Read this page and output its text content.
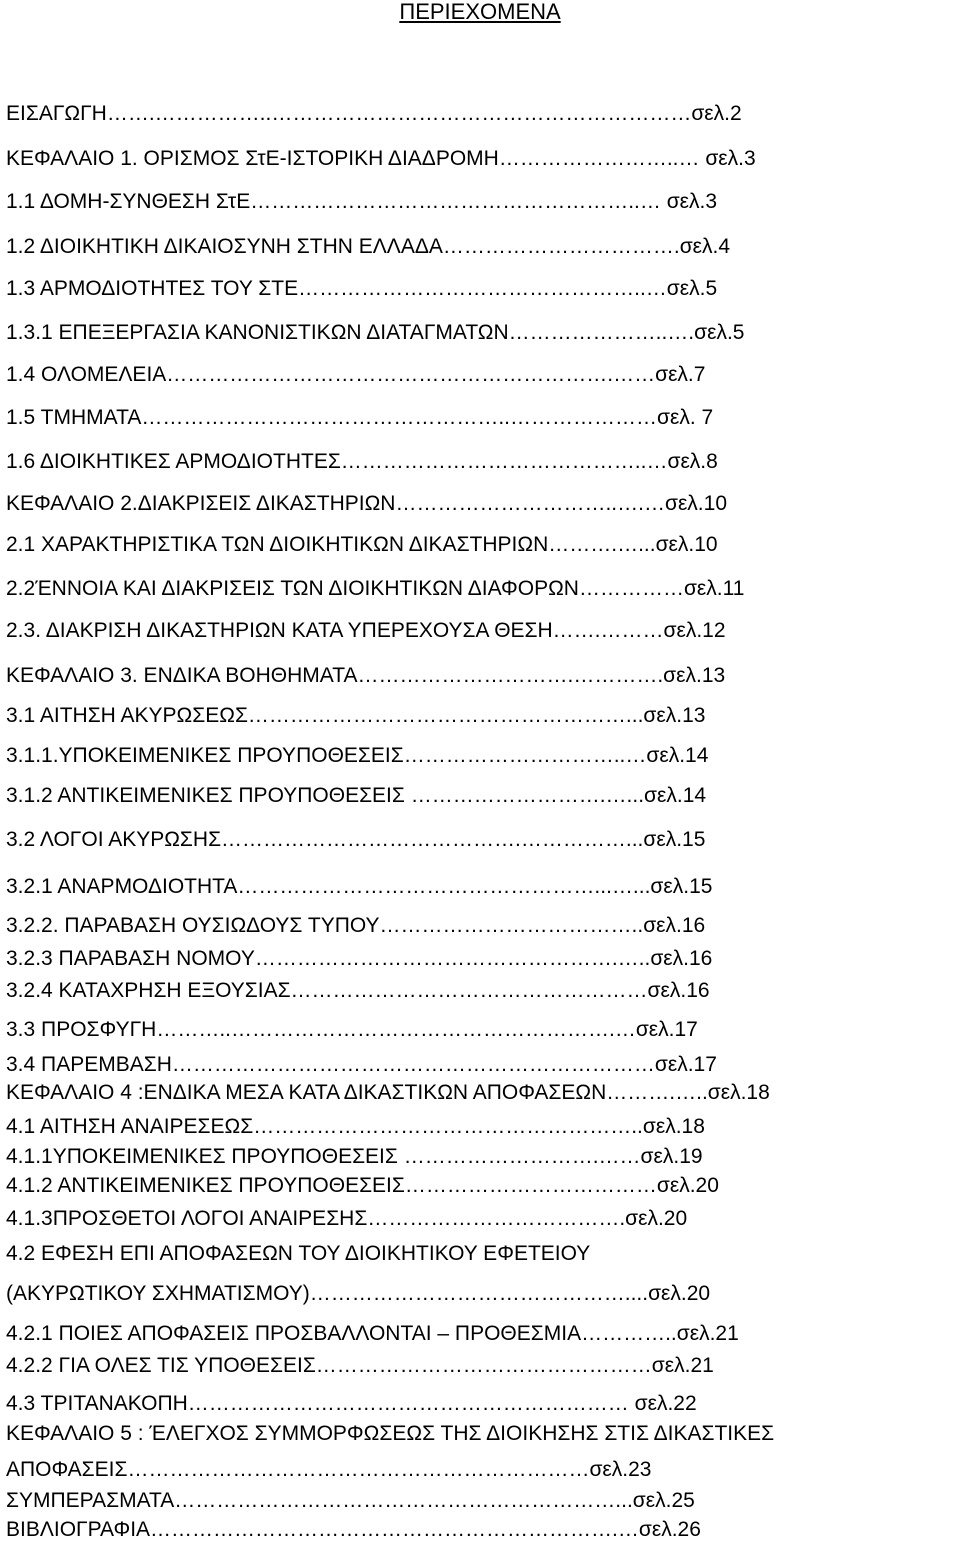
ΠΕΡΙΕΧΟΜΕΝΑ
ΕΙΣΑΓΩΓΗ…….……………..……………………………………………………σελ.2
ΚΕΦΑΛΑΙΟ 1. ΟΡΙΣΜΟΣ ΣτΕ-ΙΣΤΟΡΙΚΗ ΔΙΑΔΡΟΜΗ……………………..… σελ.3
1.1 ΔΟΜΗ-ΣΥΝΘΕΣΗ ΣτΕ………………………………………………..… σελ.3
1.2 ΔΙΟΙΚΗΤΙΚΗ ΔΙΚΑΙΟΣΥΝΗ ΣΤΗΝ ΕΛΛΑΔΑ…………………………….σελ.4
1.3 ΑΡΜΟΔΙΟΤΗΤΕΣ ΤΟΥ ΣΤΕ…………………………………………..…σελ.5
1.3.1 ΕΠΕΞΕΡΓΑΣΙΑ ΚΑΝΟΝΙΣΤΙΚΩΝ ΔΙΑΤΑΓΜΑΤΩΝ…………………..….σελ.5
1.4 ΟΛΟΜΕΛΕΙΑ……………………………………………………….……σελ.7
1.5 ΤΜΗΜΑΤΑ……………………………………………..…………………σελ. 7
1.6 ΔΙΟΙΚΗΤΙΚΕΣ ΑΡΜΟΔΙΟΤΗΤΕΣ……………………………………..…σελ.8
ΚΕΦΑΛΑΙΟ 2.ΔΙΑΚΡΙΣΕΙΣ ΔΙΚΑΣΤΗΡΙΩΝ…………………………..….…σελ.10
2.1 ΧΑΡΑΚΤΗΡΙΣΤΙΚΑ ΤΩΝ ΔΙΟΙΚΗΤΙΚΩΝ ΔΙΚΑΣΤΗΡΙΩΝ……….…...σελ.10
2.2ΈΝΝΟΙΑ ΚΑΙ ΔΙΑΚΡΙΣΕΙΣ ΤΩΝ ΔΙΟΙΚΗΤΙΚΩΝ ΔΙΑΦΟΡΩΝ……………σελ.11
2.3. ΔΙΑΚΡΙΣΗ ΔΙΚΑΣΤΗΡΙΩΝ ΚΑΤΑ ΥΠΕΡΕΧΟΥΣΑ ΘΕΣΗ…….………σελ.12
ΚΕΦΑΛΑΙΟ 3. ΕΝΔΙΚΑ ΒΟΗΘΗΜΑΤΑ………………………….………….σελ.13
3.1 ΑΙΤΗΣΗ ΑΚΥΡΩΣΕΩΣ………………………………………………...σελ.13
3.1.1.ΥΠΟΚΕΙΜΕΝΙΚΕΣ ΠΡΟΥΠΟΘΕΣΕΙΣ…………………………..…σελ.14
3.1.2 ΑΝΤΙΚΕΙΜΕΝΙΚΕΣ ΠΡΟΥΠΟΘΕΣΕΙΣ ……………………….…...σελ.14
3.2 ΛΟΓΟΙ ΑΚΥΡΩΣΗΣ…………………………………….……………...σελ.15
3.2.1 ΑΝΑΡΜΟΔΙΟΤΗΤΑ……………………………………………...…...σελ.15
3.2.2. ΠΑΡΑΒΑΣΗ ΟΥΣΙΩΔΟΥΣ ΤΥΠΟΥ………………………………..σελ.16
3.2.3 ΠΑΡΑΒΑΣΗ ΝΟΜΟΥ…………………………………………….…..σελ.16
3.2.4 ΚΑΤΑΧΡΗΣΗ ΕΞΟΥΣΙΑΣ……………………………………………σελ.16
3.3 ΠΡΟΣΦΥΓΗ………..……………………………………………….…σελ.17
3.4 ΠΑΡΕΜΒΑΣΗ……………………………………………………………σελ.17
ΚΕΦΑΛΑΙΟ 4 :ΕΝΔΙΚΑ ΜΕΣΑ ΚΑΤΑ ΔΙΚΑΣΤΙΚΩΝ ΑΠΟΦΑΣΕΩΝ……….…..σελ.18
4.1 ΑΙΤΗΣΗ ΑΝΑΙΡΕΣΕΩΣ………………………………………………..σελ.18
4.1.1ΥΠΟΚΕΙΜΕΝΙΚΕΣ ΠΡΟΥΠΟΘΕΣΕΙΣ ……………………….……σελ.19
4.1.2 ΑΝΤΙΚΕΙΜΕΝΙΚΕΣ ΠΡΟΥΠΟΘΕΣΕΙΣ………………………………σελ.20
4.1.3ΠΡΟΣΘΕΤΟΙ ΛΟΓΟΙ ΑΝΑΙΡΕΣΗΣ……………………………….σελ.20
4.2 ΕΦΕΣΗ ΕΠΙ ΑΠΟΦΑΣΕΩΝ ΤΟΥ ΔΙΟΙΚΗΤΙΚΟΥ ΕΦΕΤΕΙΟΥ
(ΑΚΥΡΩΤΙΚΟΥ ΣΧΗΜΑΤΙΣΜΟΥ)………………………………………....σελ.20
4.2.1 ΠΟΙΕΣ ΑΠΟΦΑΣΕΙΣ ΠΡΟΣΒΑΛΛΟΝΤΑΙ – ΠΡΟΘΕΣΜΙΑ…………..σελ.21
4.2.2 ΓΙΑ ΟΛΕΣ ΤΙΣ ΥΠΟΘΕΣΕΙΣ…………………………………………σελ.21
4.3 ΤΡΙΤΑΝΑΚΟΠΗ……………………………………………………… σελ.22
ΚΕΦΑΛΑΙΟ 5 : ΈΛΕΓΧΟΣ ΣΥΜΜΟΡΦΩΣΕΩΣ ΤΗΣ ΔΙΟΙΚΗΣΗΣ ΣΤΙΣ ΔΙΚΑΣΤΙΚΕΣ
ΑΠΟΦΑΣΕΙΣ…………………………………………………………σελ.23
ΣΥΜΠΕΡΑΣΜΑΤΑ………………………………………………………...σελ.25
ΒΙΒΛΙΟΓΡΑΦΙΑ………………………………………………………….…σελ.26
